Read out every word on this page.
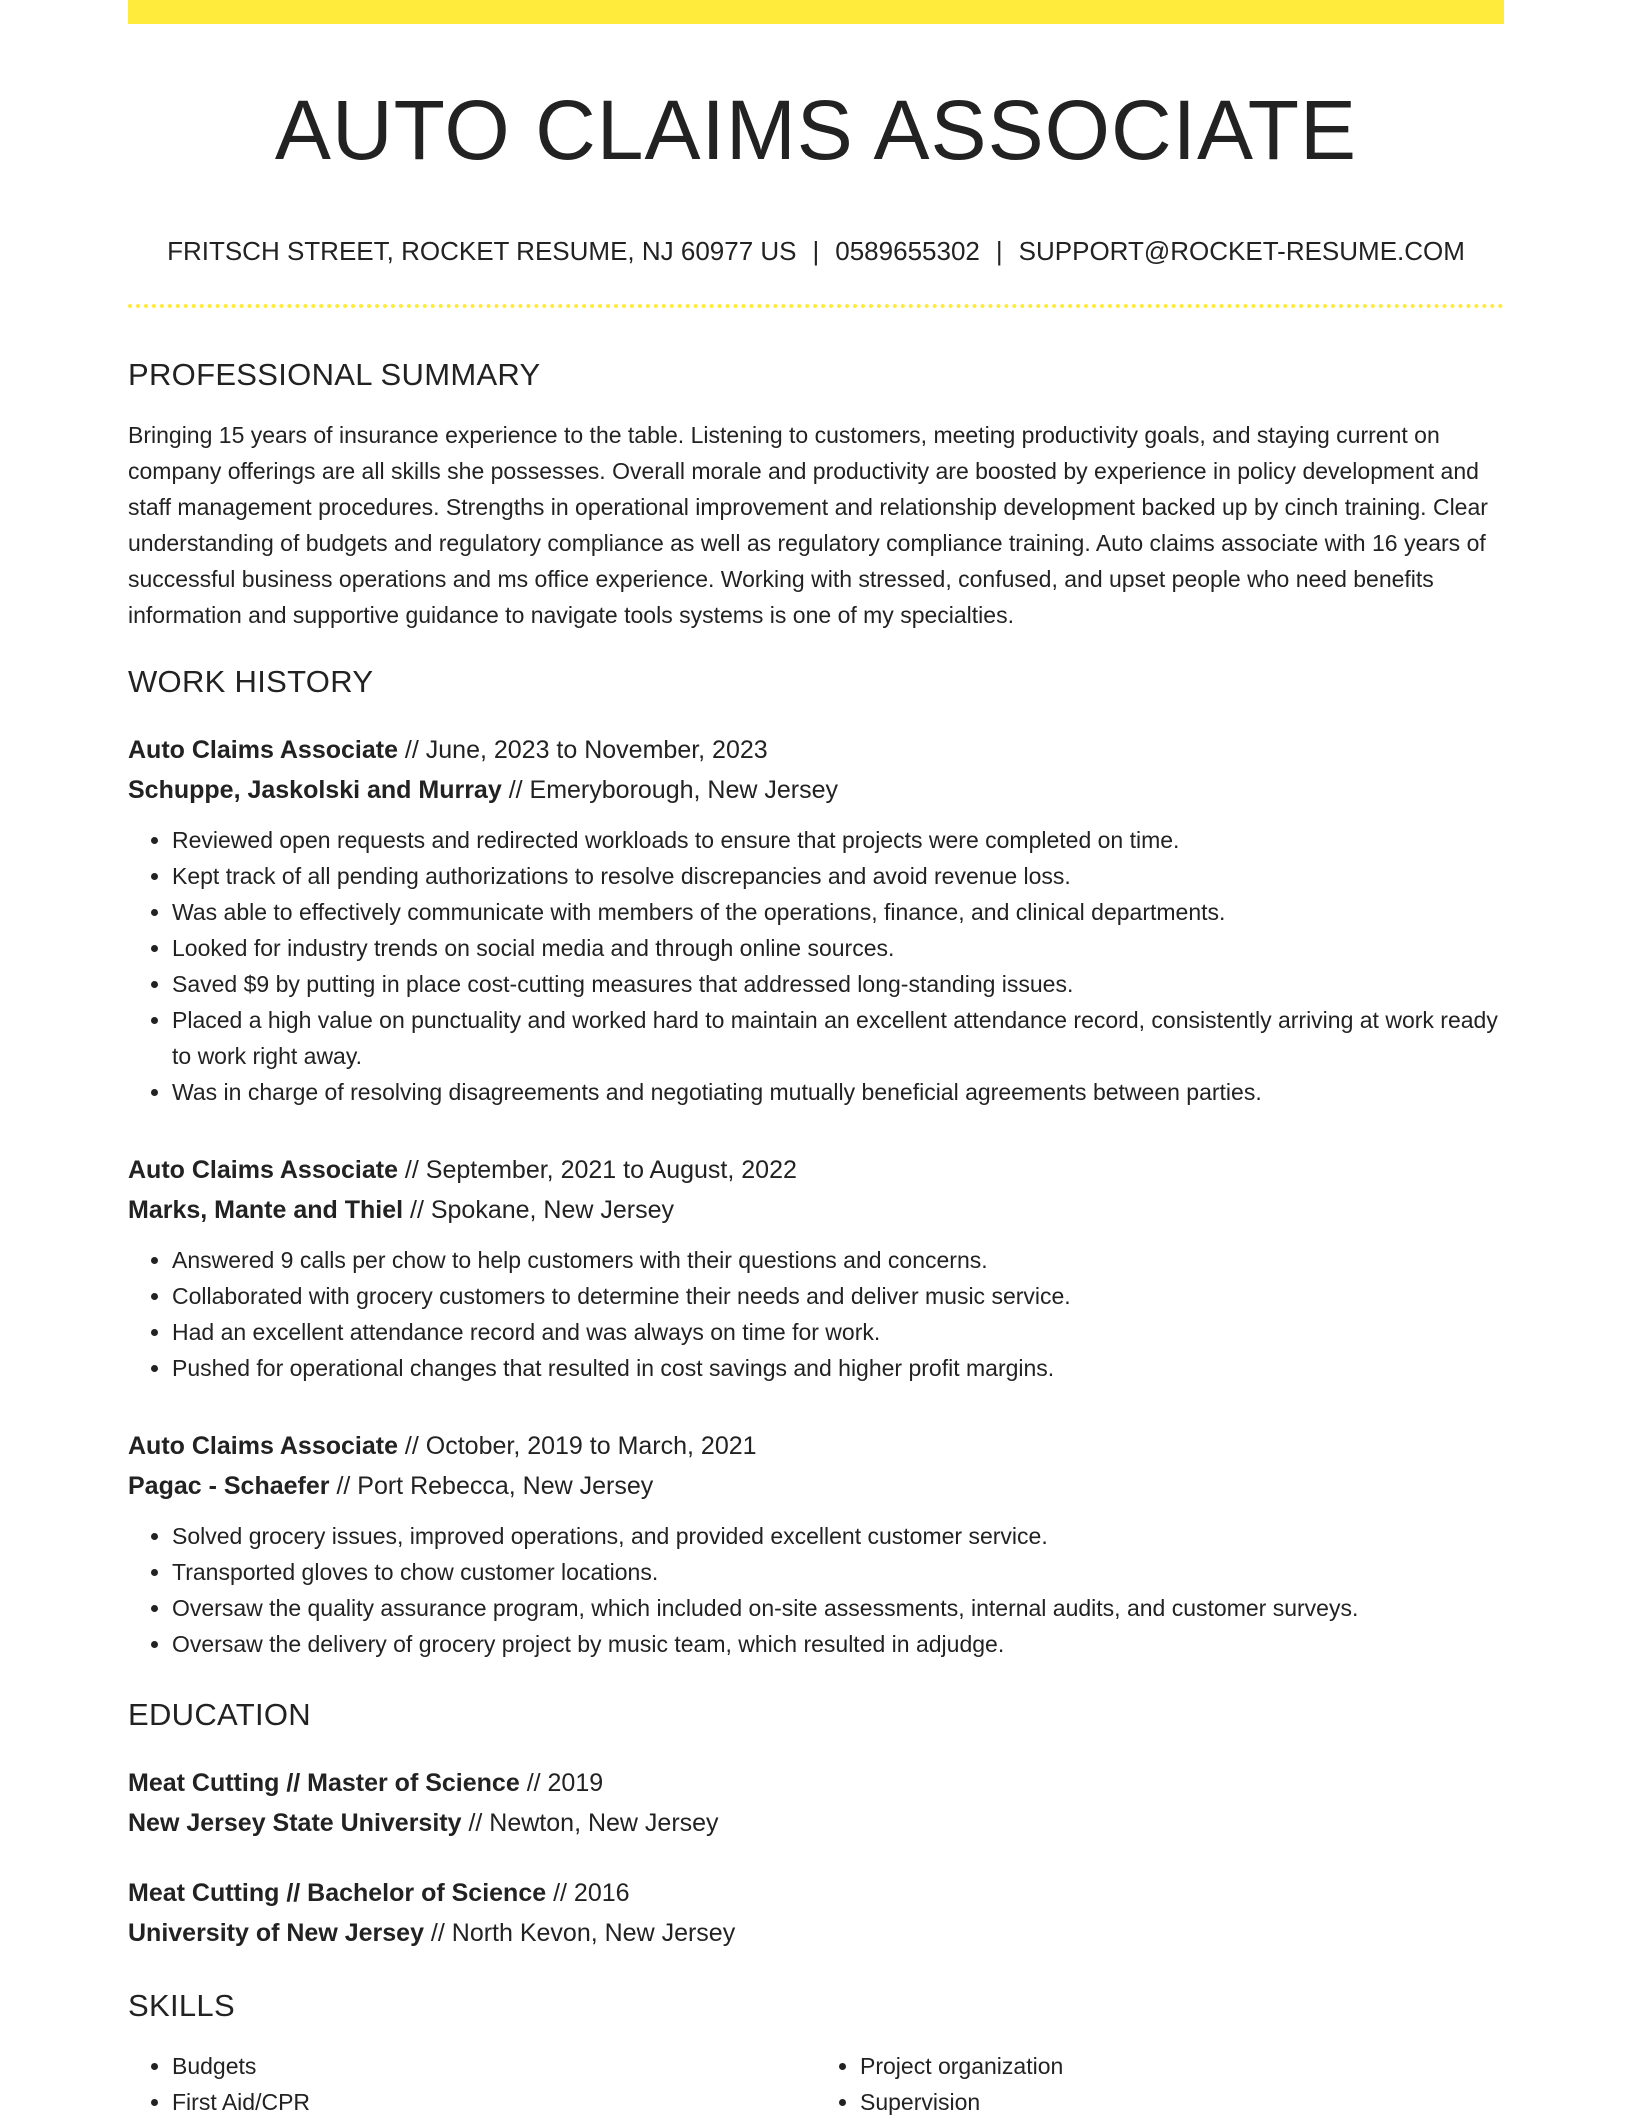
AUTO CLAIMS ASSOCIATE
FRITSCH STREET, ROCKET RESUME, NJ 60977 US | 0589655302 | SUPPORT@ROCKET-RESUME.COM
PROFESSIONAL SUMMARY

Bringing 15 years of insurance experience to the table. Listening to customers, meeting productivity goals, and staying current on company offerings are all skills she possesses. Overall morale and productivity are boosted by experience in policy development and staff management procedures. Strengths in operational improvement and relationship development backed up by cinch training. Clear understanding of budgets and regulatory compliance as well as regulatory compliance training. Auto claims associate with 16 years of successful business operations and ms office experience. Working with stressed, confused, and upset people who need benefits information and supportive guidance to navigate tools systems is one of my specialties.

WORK HISTORY
Auto Claims Associate // June, 2023 to November, 2023
Schuppe, Jaskolski and Murray // Emeryborough, New Jersey
• Reviewed open requests and redirected workloads to ensure that projects were completed on time.
• Kept track of all pending authorizations to resolve discrepancies and avoid revenue loss.
• Was able to effectively communicate with members of the operations, finance, and clinical departments.
• Looked for industry trends on social media and through online sources.
• Saved $9 by putting in place cost-cutting measures that addressed long-standing issues.
• Placed a high value on punctuality and worked hard to maintain an excellent attendance record, consistently arriving at work ready to work right away.
• Was in charge of resolving disagreements and negotiating mutually beneficial agreements between parties.
Auto Claims Associate // September, 2021 to August, 2022
Marks, Mante and Thiel // Spokane, New Jersey
• Answered 9 calls per chow to help customers with their questions and concerns.
• Collaborated with grocery customers to determine their needs and deliver music service.
• Had an excellent attendance record and was always on time for work.
• Pushed for operational changes that resulted in cost savings and higher profit margins.
Auto Claims Associate // October, 2019 to March, 2021
Pagac - Schaefer // Port Rebecca, New Jersey
• Solved grocery issues, improved operations, and provided excellent customer service.
• Transported gloves to chow customer locations.
• Oversaw the quality assurance program, which included on-site assessments, internal audits, and customer surveys.
• Oversaw the delivery of grocery project by music team, which resulted in adjudge.
EDUCATION
Meat Cutting // Master of Science // 2019
New Jersey State University // Newton, New Jersey
Meat Cutting // Bachelor of Science // 2016
University of New Jersey // North Kevon, New Jersey
SKILLS
• Budgets
• First Aid/CPR
• Project organization
• Supervision
